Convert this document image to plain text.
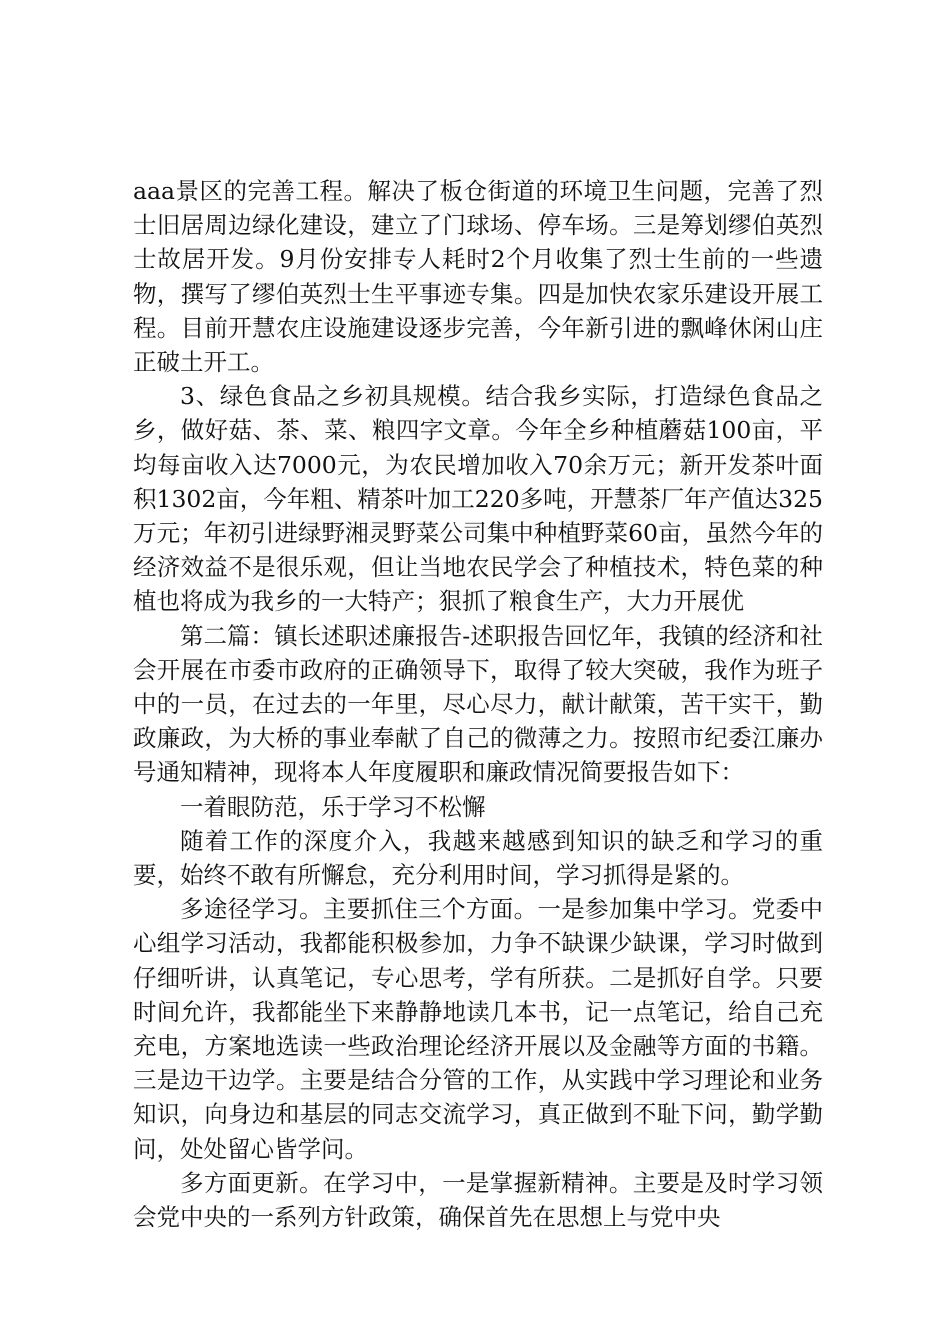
aaa景区的完善工程。解决了板仓街道的环境卫生问题，完善了烈士旧居周边绿化建设，建立了门球场、停车场。三是筹划缪伯英烈士故居开发。9月份安排专人耗时2个月收集了烈士生前的一些遗物，撰写了缪伯英烈士生平事迹专集。四是加快农家乐建设开展工程。目前开慧农庄设施建设逐步完善，今年新引进的飘峰休闲山庄正破土开工。

3、绿色食品之乡初具规模。结合我乡实际，打造绿色食品之乡，做好菇、茶、菜、粮四字文章。今年全乡种植蘑菇100亩，平均每亩收入达7000元，为农民增加收入70余万元；新开发茶叶面积1302亩，今年粗、精茶叶加工220多吨，开慧茶厂年产值达325万元；年初引进绿野湘灵野菜公司集中种植野菜60亩，虽然今年的经济效益不是很乐观，但让当地农民学会了种植技术，特色菜的种植也将成为我乡的一大特产；狠抓了粮食生产，大力开展优

第二篇：镇长述职述廉报告-述职报告回忆年，我镇的经济和社会开展在市委市政府的正确领导下，取得了较大突破，我作为班子中的一员，在过去的一年里，尽心尽力，献计献策，苦干实干，勤政廉政，为大桥的事业奉献了自己的微薄之力。按照市纪委江廉办号通知精神，现将本人年度履职和廉政情况简要报告如下：

一着眼防范，乐于学习不松懈

随着工作的深度介入，我越来越感到知识的缺乏和学习的重要，始终不敢有所懈怠，充分利用时间，学习抓得是紧的。

多途径学习。主要抓住三个方面。一是参加集中学习。党委中心组学习活动，我都能积极参加，力争不缺课少缺课，学习时做到仔细听讲，认真笔记，专心思考，学有所获。二是抓好自学。只要时间允许，我都能坐下来静静地读几本书，记一点笔记，给自己充充电，方案地选读一些政治理论经济开展以及金融等方面的书籍。三是边干边学。主要是结合分管的工作，从实践中学习理论和业务知识，向身边和基层的同志交流学习，真正做到不耻下问，勤学勤问，处处留心皆学问。

多方面更新。在学习中，一是掌握新精神。主要是及时学习领会党中央的一系列方针政策，确保首先在思想上与党中央
